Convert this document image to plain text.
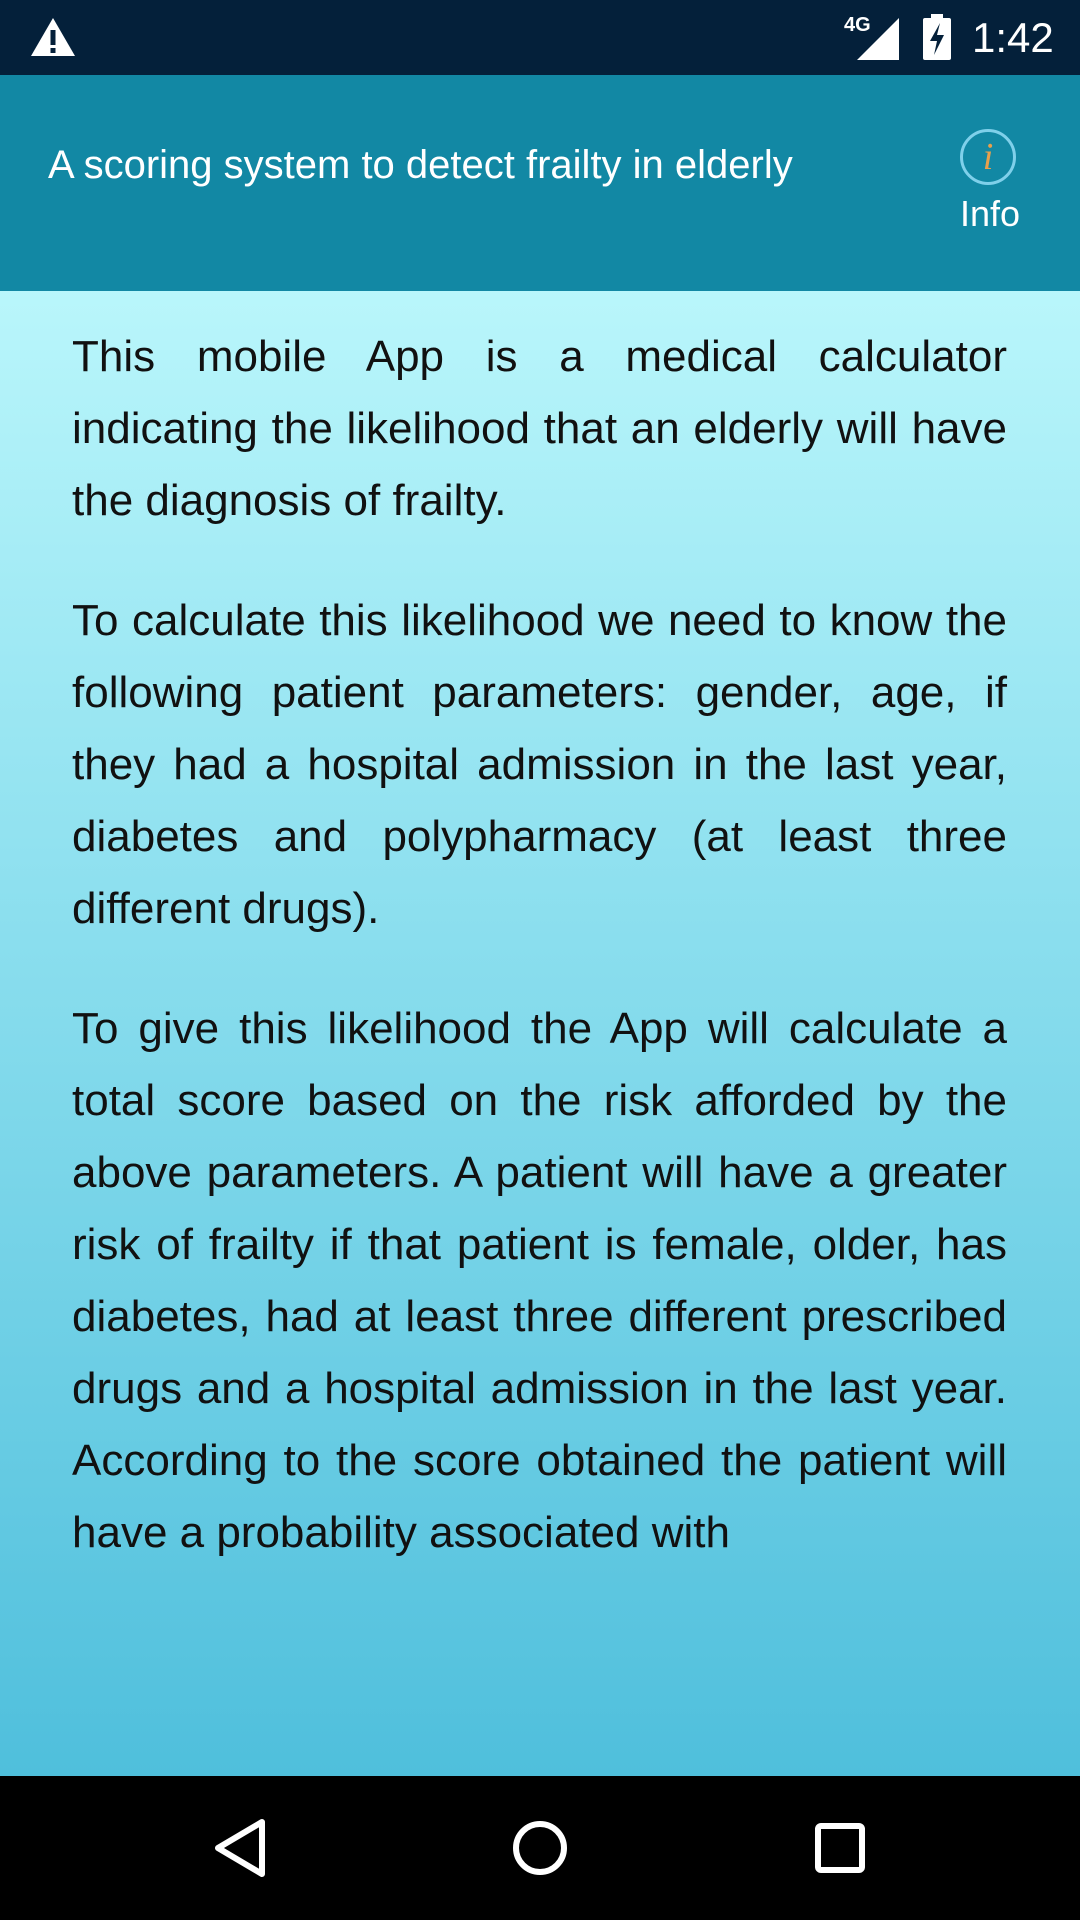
4G 1:42
A scoring system to detect frailty in elderly	i
Info

This mobile App is a medical calculator indicating the likelihood that an elderly will have the diagnosis of frailty.

To calculate this likelihood we need to know the following patient parameters: gender, age, if they had a hospital admission in the last year, diabetes and polypharmacy (at least three different drugs).

To give this likelihood the App will calculate a total score based on the risk afforded by the above parameters. A patient will have a greater risk of frailty if that patient is female, older, has diabetes, had at least three different prescribed drugs and a hospital admission in the last year. According to the score obtained the patient will have a probability associated with
